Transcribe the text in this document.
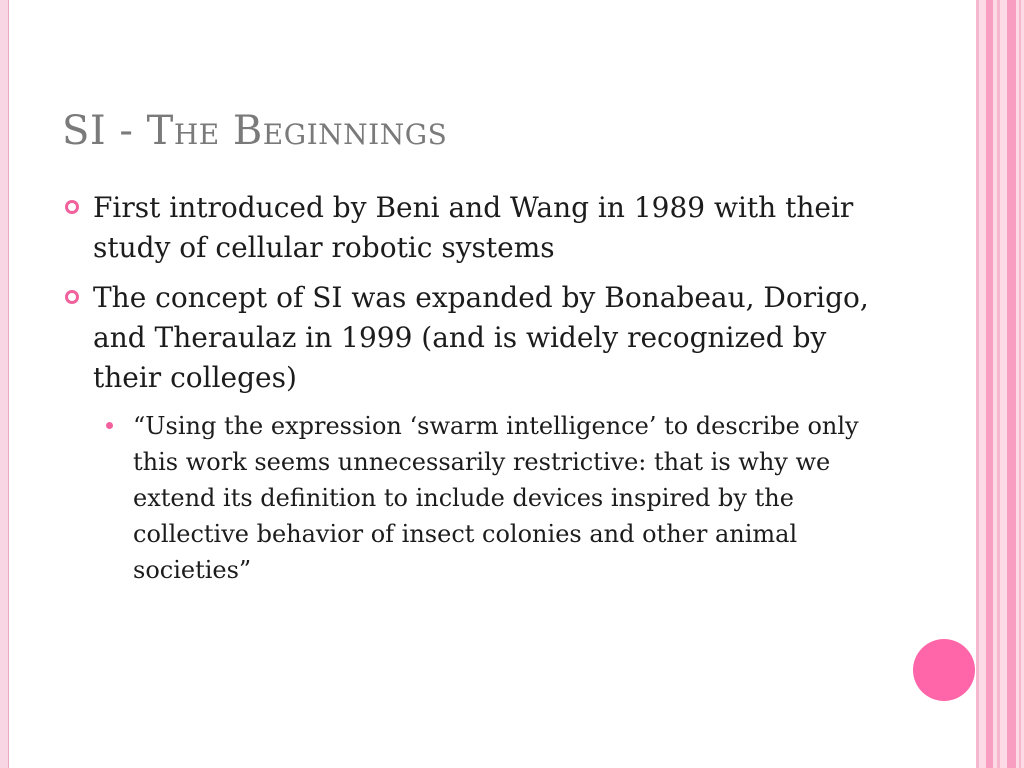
SI - The Beginnings
First introduced by Beni and Wang in 1989 with their study of cellular robotic systems
The concept of SI was expanded by Bonabeau, Dorigo, and Theraulaz in 1999 (and is widely recognized by their colleges)
“Using the expression ‘swarm intelligence’ to describe only this work seems unnecessarily restrictive: that is why we extend its definition to include devices inspired by the collective behavior of insect colonies and other animal societies”
